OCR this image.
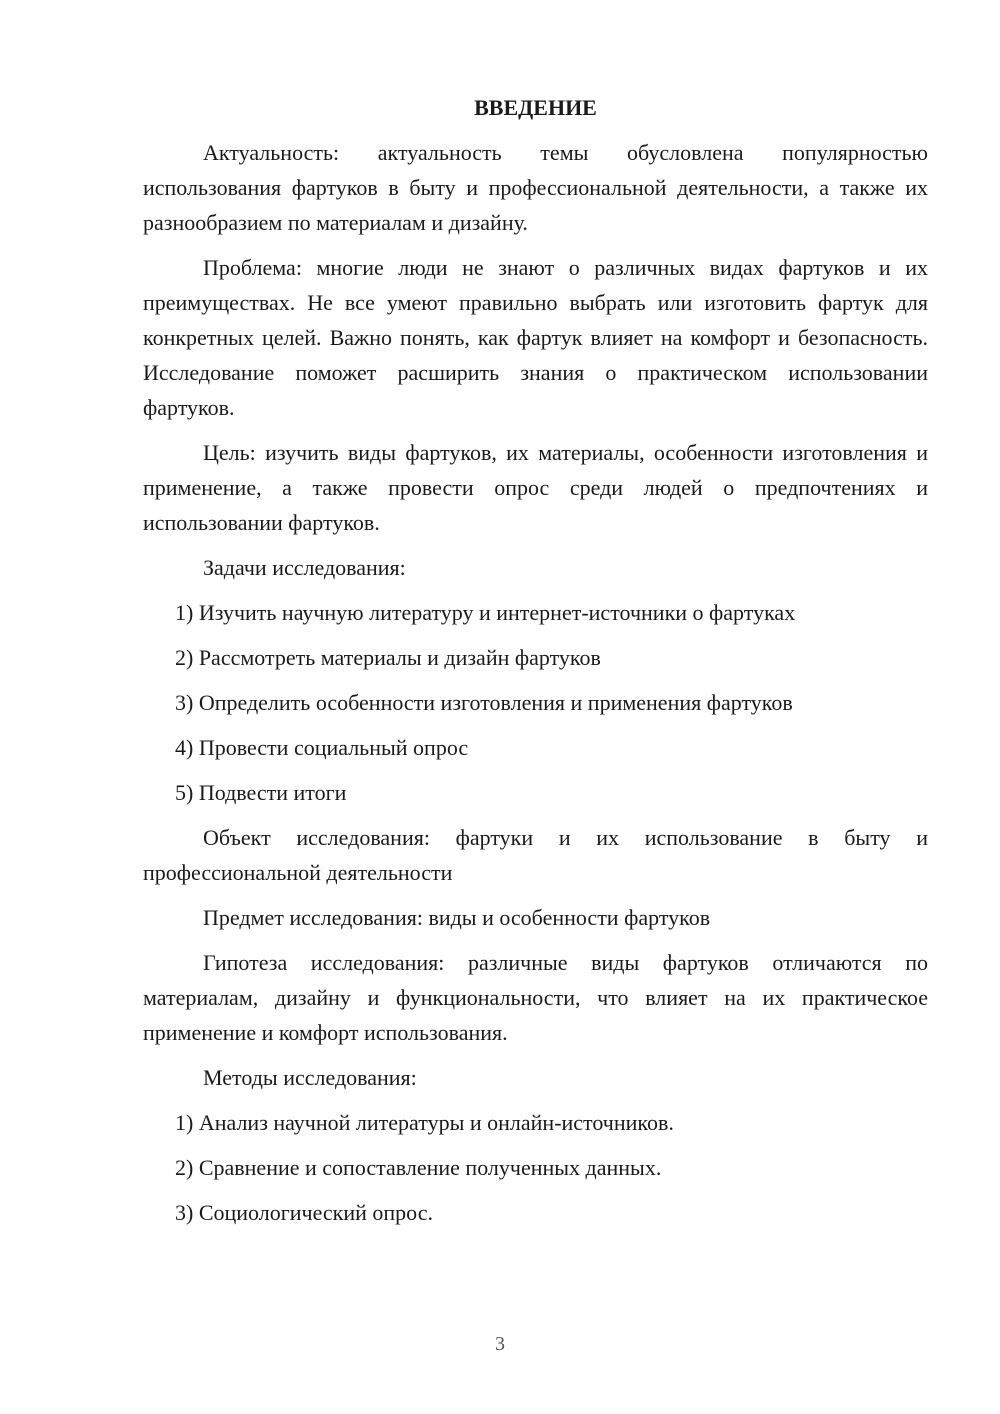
ВВЕДЕНИЕ

Актуальность: актуальность темы обусловлена популярностью использования фартуков в быту и профессиональной деятельности, а также их разнообразием по материалам и дизайну.

Проблема: многие люди не знают о различных видах фартуков и их преимуществах. Не все умеют правильно выбрать или изготовить фартук для конкретных целей. Важно понять, как фартук влияет на комфорт и безопасность. Исследование поможет расширить знания о практическом использовании фартуков.

Цель: изучить виды фартуков, их материалы, особенности изготовления и применение, а также провести опрос среди людей о предпочтениях и использовании фартуков.

Задачи исследования:

1) Изучить научную литературу и интернет-источники о фартуках
2) Рассмотреть материалы и дизайн фартуков
3) Определить особенности изготовления и применения фартуков
4) Провести социальный опрос
5) Подвести итоги

Объект исследования: фартуки и их использование в быту и профессиональной деятельности

Предмет исследования: виды и особенности фартуков

Гипотеза исследования: различные виды фартуков отличаются по материалам, дизайну и функциональности, что влияет на их практическое применение и комфорт использования.

Методы исследования:

1) Анализ научной литературы и онлайн-источников.
2) Сравнение и сопоставление полученных данных.
3) Социологический опрос.
3
